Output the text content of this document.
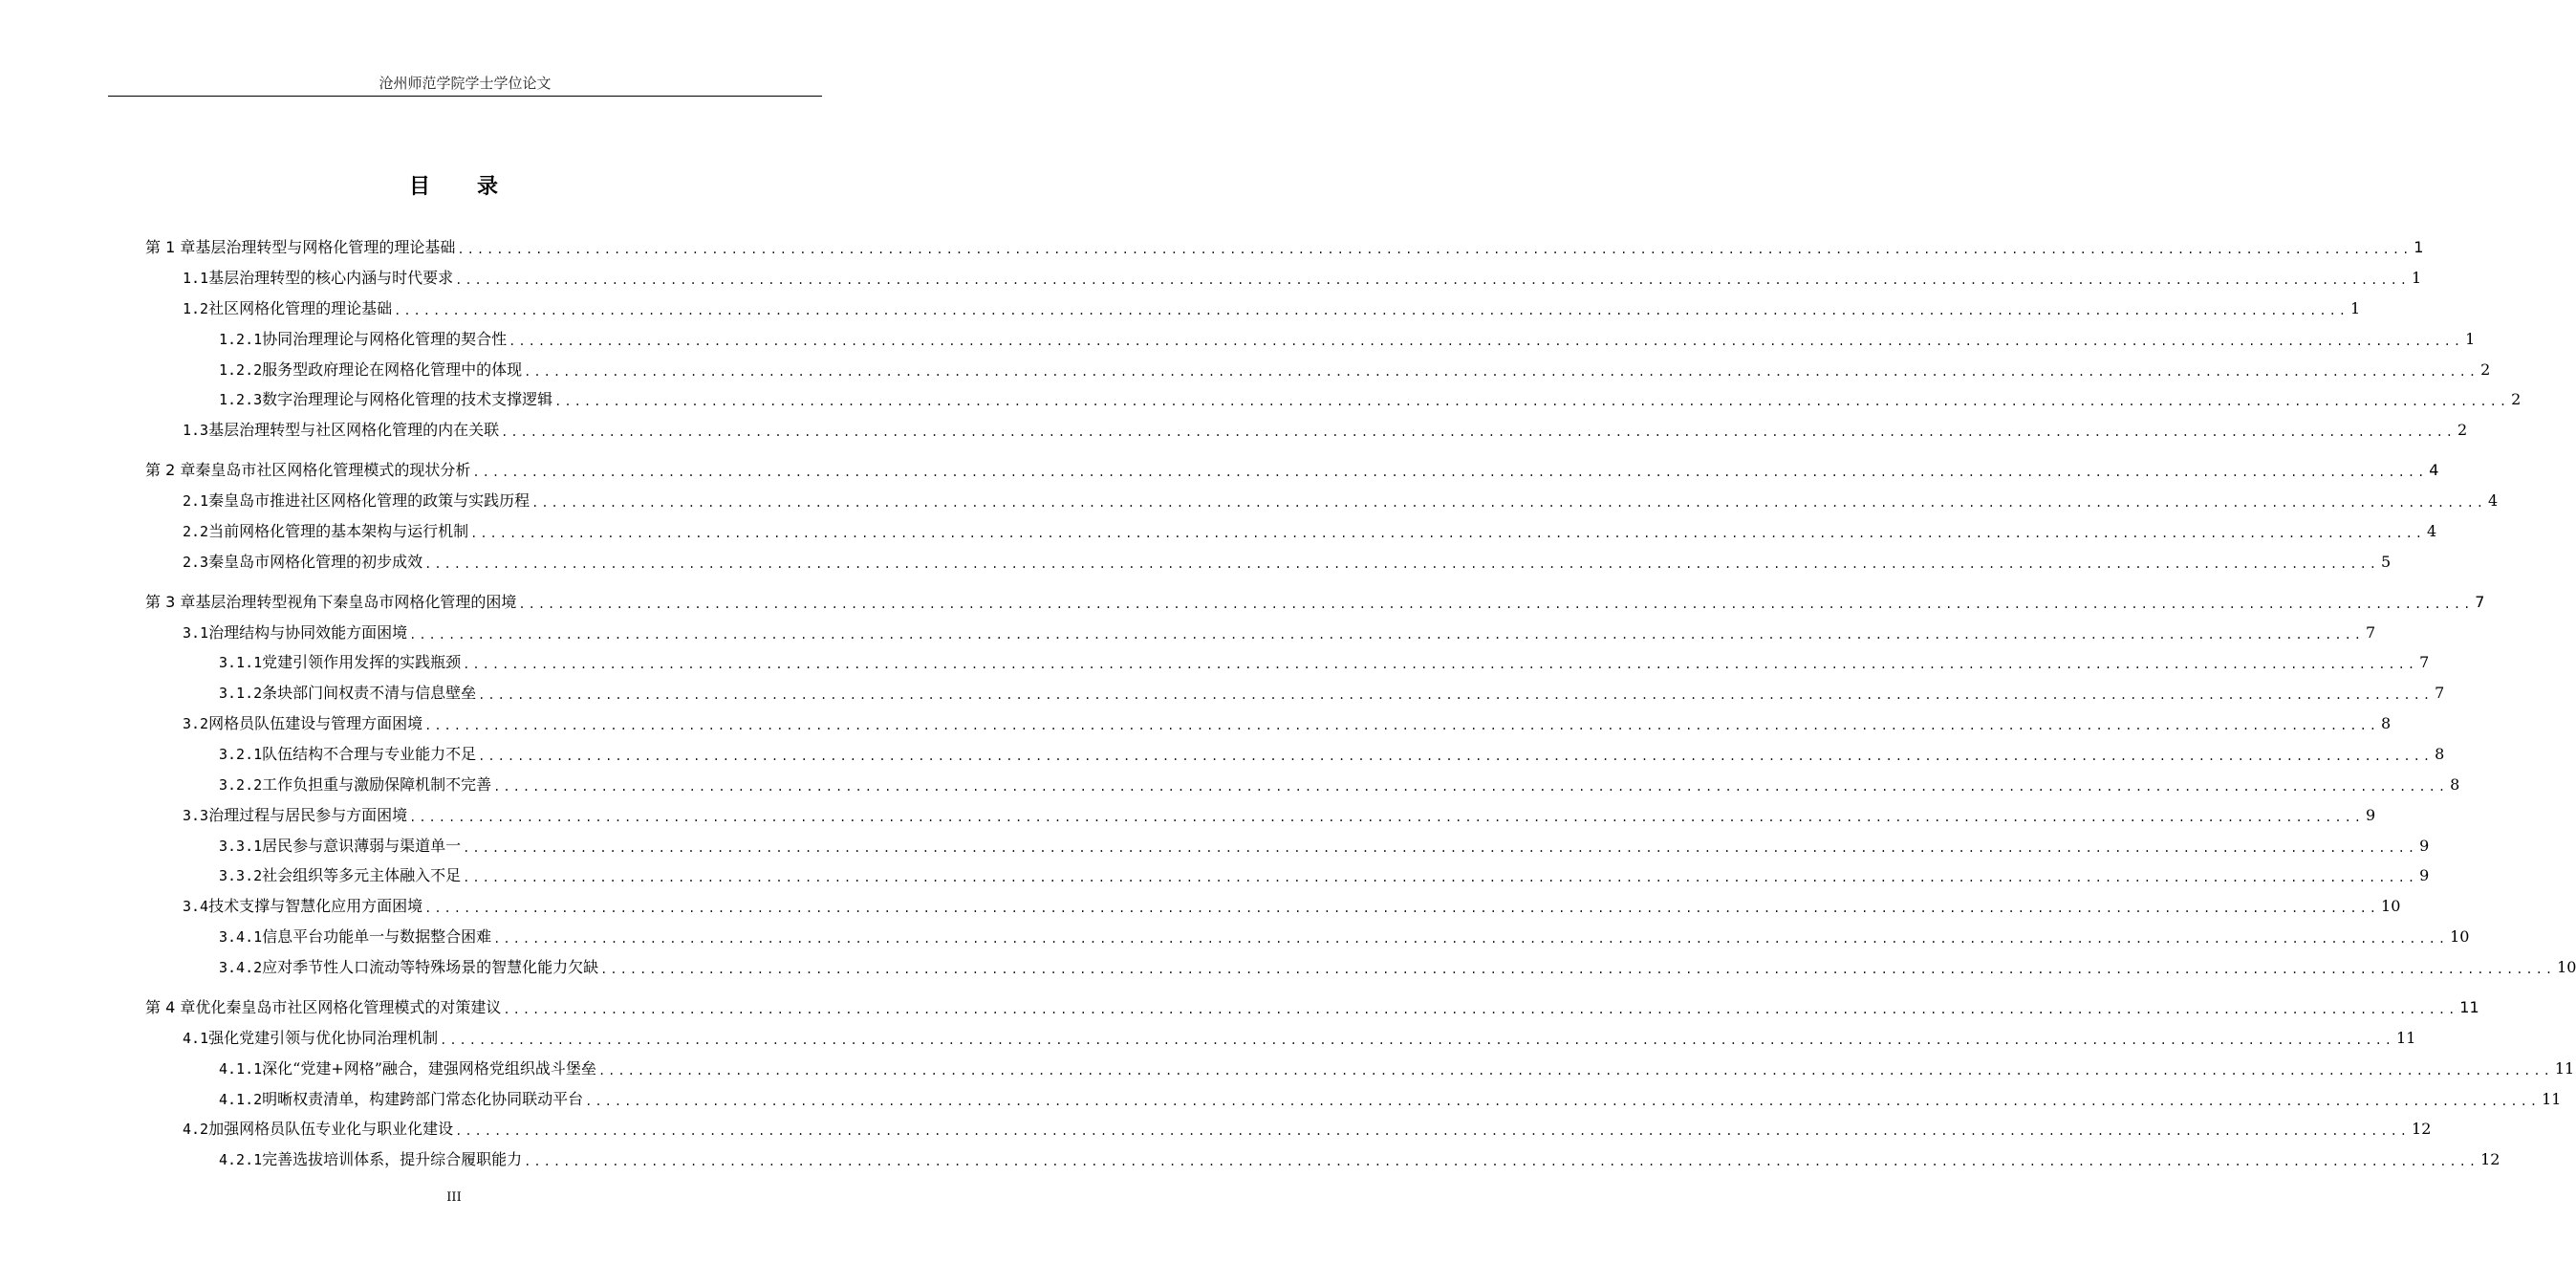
沧州师范学院学士学位论文
目 录
第 1 章 基层治理转型与网格化管理的理论基础 ........................................................................................................................................................................................................ 1
1.1 基层治理转型的核心内涵与时代要求 ........................................................................................................................................................................................................ 1
1.2 社区网格化管理的理论基础 ........................................................................................................................................................................................................ 1
1.2.1 协同治理理论与网格化管理的契合性 ........................................................................................................................................................................................................ 1
1.2.2 服务型政府理论在网格化管理中的体现 ........................................................................................................................................................................................................ 2
1.2.3 数字治理理论与网格化管理的技术支撑逻辑 ........................................................................................................................................................................................................ 2
1.3 基层治理转型与社区网格化管理的内在关联 ........................................................................................................................................................................................................ 2
第 2 章 秦皇岛市社区网格化管理模式的现状分析 ........................................................................................................................................................................................................ 4
2.1 秦皇岛市推进社区网格化管理的政策与实践历程 ........................................................................................................................................................................................................ 4
2.2 当前网格化管理的基本架构与运行机制 ........................................................................................................................................................................................................ 4
2.3 秦皇岛市网格化管理的初步成效 ........................................................................................................................................................................................................ 5
第 3 章 基层治理转型视角下秦皇岛市网格化管理的困境 ........................................................................................................................................................................................................ 7
3.1 治理结构与协同效能方面困境 ........................................................................................................................................................................................................ 7
3.1.1 党建引领作用发挥的实践瓶颈 ........................................................................................................................................................................................................ 7
3.1.2 条块部门间权责不清与信息壁垒 ........................................................................................................................................................................................................ 7
3.2 网格员队伍建设与管理方面困境 ........................................................................................................................................................................................................ 8
3.2.1 队伍结构不合理与专业能力不足 ........................................................................................................................................................................................................ 8
3.2.2 工作负担重与激励保障机制不完善 ........................................................................................................................................................................................................ 8
3.3 治理过程与居民参与方面困境 ........................................................................................................................................................................................................ 9
3.3.1 居民参与意识薄弱与渠道单一 ........................................................................................................................................................................................................ 9
3.3.2 社会组织等多元主体融入不足 ........................................................................................................................................................................................................ 9
3.4 技术支撑与智慧化应用方面困境 ........................................................................................................................................................................................................ 10
3.4.1 信息平台功能单一与数据整合困难 ........................................................................................................................................................................................................ 10
3.4.2 应对季节性人口流动等特殊场景的智慧化能力欠缺 ........................................................................................................................................................................................................ 10
第 4 章 优化秦皇岛市社区网格化管理模式的对策建议 ........................................................................................................................................................................................................ 11
4.1 强化党建引领与优化协同治理机制 ........................................................................................................................................................................................................ 11
4.1.1 深化“党建+网格”融合，建强网格党组织战斗堡垒 ........................................................................................................................................................................................................ 11
4.1.2 明晰权责清单，构建跨部门常态化协同联动平台 ........................................................................................................................................................................................................ 11
4.2 加强网格员队伍专业化与职业化建设 ........................................................................................................................................................................................................ 12
4.2.1 完善选拔培训体系，提升综合履职能力 ........................................................................................................................................................................................................ 12
III
